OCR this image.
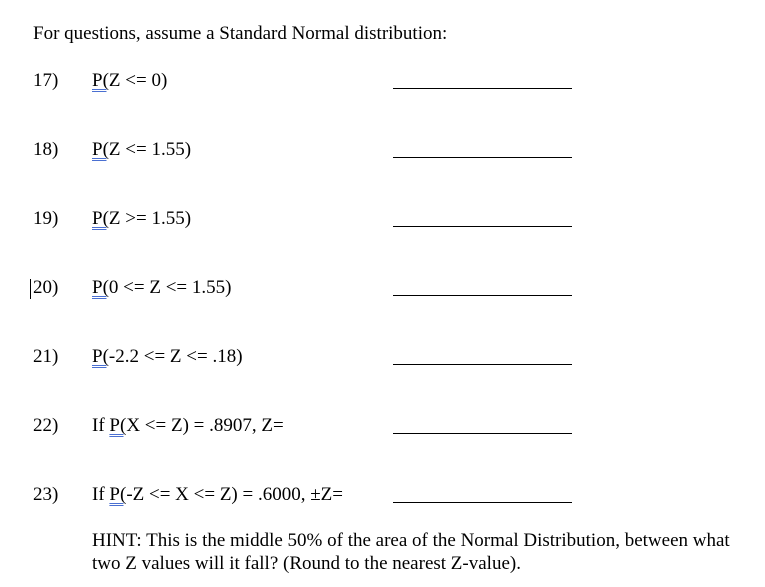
For questions, assume a Standard Normal distribution:
17) P(Z <= 0)
18) P(Z <= 1.55)
19) P(Z >= 1.55)
20) P(0 <= Z <= 1.55)
21) P(-2.2 <= Z <= .18)
22) If P(X <= Z) = .8907, Z=
23) If P(-Z <= X <= Z) = .6000, ±Z=
HINT: This is the middle 50% of the area of the Normal Distribution, between what two Z values will it fall? (Round to the nearest Z-value).
